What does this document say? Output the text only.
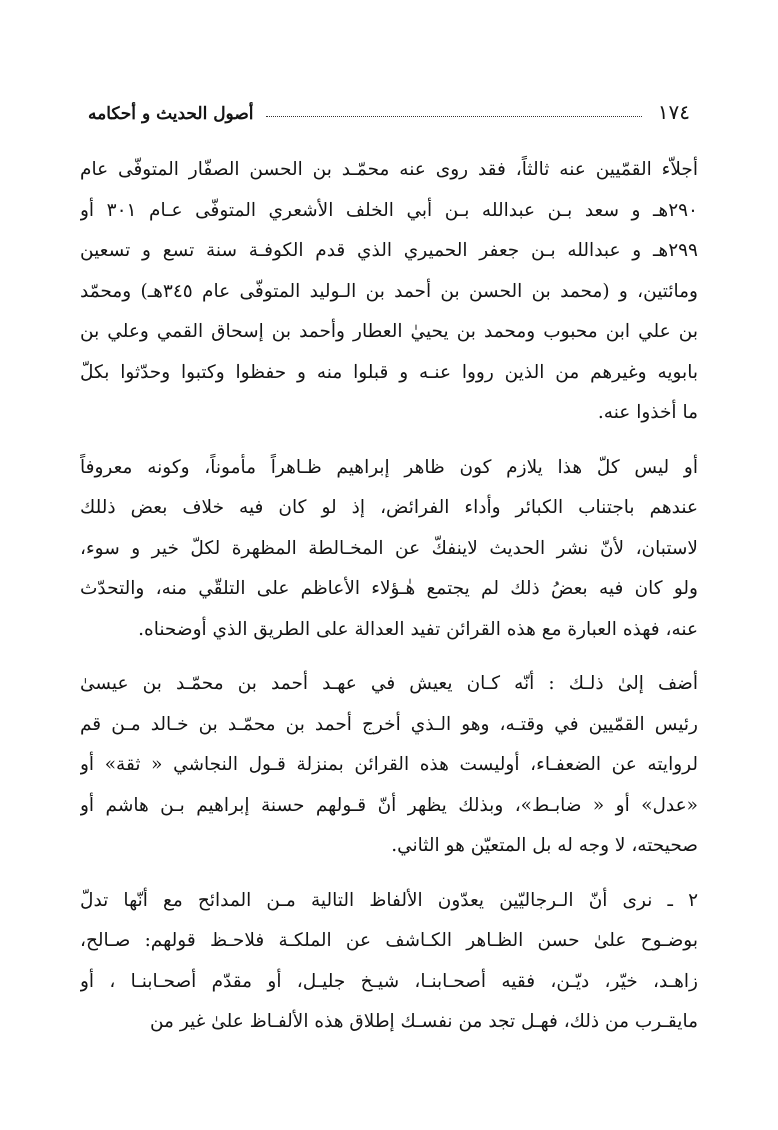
١٧٤
أصول الحديث و أحكامه
أجلاّء القمّيين عنه ثالثاً، فقد روى عنه محمّـد بن الحسن الصفّار المتوفّى عام
٢٩٠هـ و سعد بـن عبدالله بـن أبي الخلف الأشعري المتوفّى عـام ٣٠١ أو
٢٩٩هـ و عبدالله بـن جعفر الحميري الذي قدم الكوفـة سنة تسع و تسعين
ومائتين، و (محمد بن الحسن بن أحمد بن الـوليد المتوفّى عام ٣٤٥هـ) ومحمّد
بن علي ابن محبوب ومحمد بن يحييٰ العطار وأحمد بن إسحاق القمي وعلي بن
بابويه وغيرهم من الذين رووا عنـه و قبلوا منه و حفظوا وكتبوا وحدّثوا بكلّ
ما أخذوا عنه.
أو ليس كلّ هذا يلازم كون ظاهر إبراهيم ظـاهراً مأموناً، وكونه معروفاً
عندهم باجتناب الكبائر وأداء الفرائض، إذ لو كان فيه خلاف بعض ذللك
لاستبان، لأنّ نشر الحديث لاينفكّ عن المخـالطة المظهرة لكلّ خير و سوء،
ولو كان فيه بعضُ ذلك لم يجتمع هٰـؤلاء الأعاظم على التلقّي منه، والتحدّث
عنه، فهذه العبارة مع هذه القرائن تفيد العدالة على الطريق الذي أوضحناه.
أضف إلىٰ ذلـك : أنّه كـان يعيش في عهـد أحمد بن محمّـد بن عيسىٰ
رئيس القمّيين في وقتـه، وهو الـذي أخرج أحمد بن محمّـد بن خـالد مـن قم
لروايته عن الضعفـاء، أوليست هذه القرائن بمنزلة قـول النجاشي « ثقة» أو
«عدل» أو « ضابـط»، وبذلك يظهر أنّ قـولهم حسنة إبراهيم بـن هاشم أو
صحيحته، لا وجه له بل المتعيّن هو الثاني.
٢ ـ نرى أنّ الـرجاليّين يعدّون الألفاظ التالية مـن المدائح مع أنّها تدلّ
بوضـوح علىٰ حسن الظـاهر الكـاشف عن الملكـة فلاحـظ قولهم: صـالح،
زاهـد، خيّر، ديّـن، فقيه أصحـابنـا، شيـخ جليـل، أو مقدّم أصحـابنـا ، أو
مايقـرب من ذلك، فهـل تجد من نفسـك إطلاق هذه الألفـاظ علىٰ غير من
